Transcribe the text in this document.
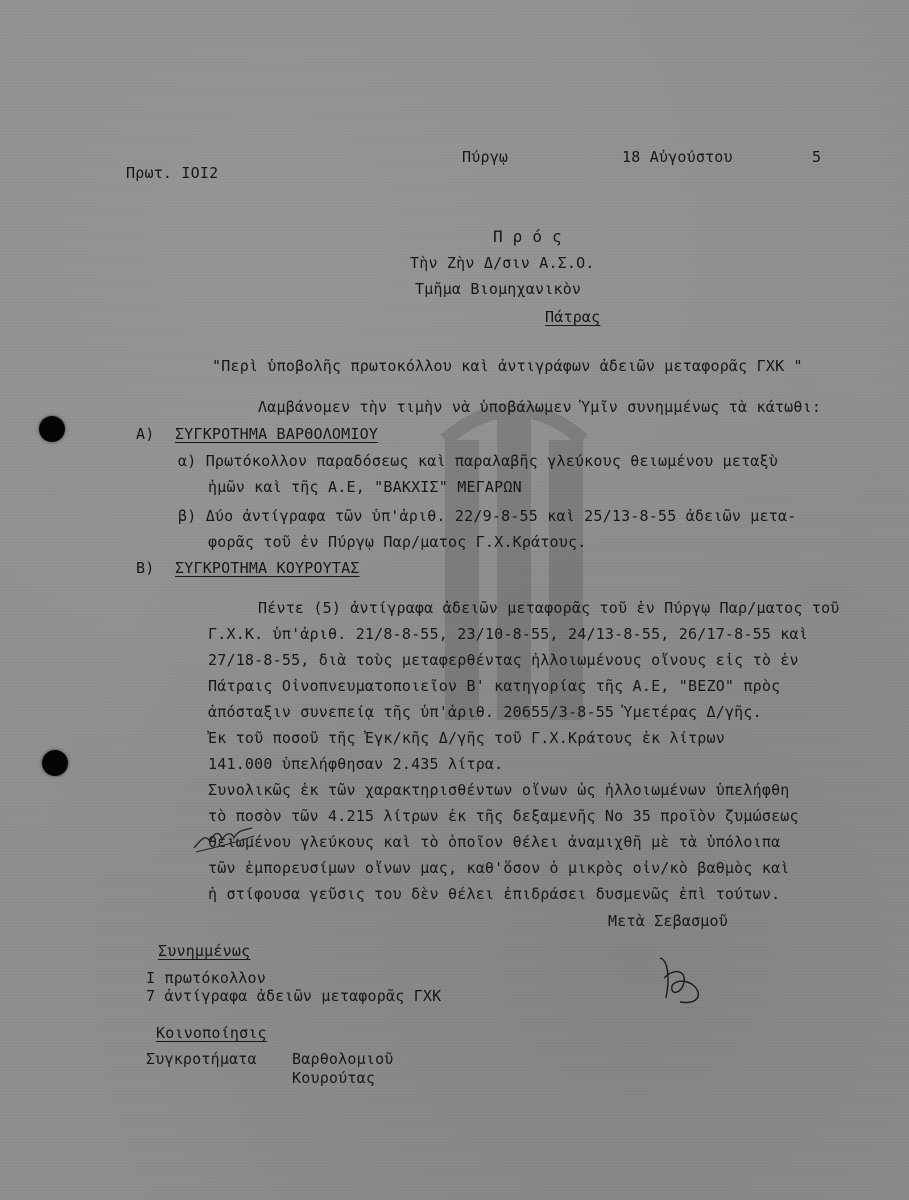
Πρωτ. ΙΟΙ2
Πύργῳ	18 Αὐγούστου	5
Π ρ ό ς
Τὴν Ζὴν Δ/σιν Α.Σ.Ο.
Τμῆμα Βιομηχανικὸν
Πάτρας
"Περὶ ὑποβολῆς πρωτοκόλλου καὶ ἀντιγράφων ἀδειῶν μεταφορᾶς ΓΧΚ "
Λαμβάνομεν τὴν τιμὴν νὰ ὑποβάλωμεν Ὑμῖν συνημμένως τὰ κάτωθι:
Α) ΣΥΓΚΡΟΤΗΜΑ ΒΑΡΘΟΛΟΜΙΟΥ
α) Πρωτόκολλον παραδόσεως καὶ παραλαβῆς γλεύκους θειωμένου μεταξὺ
ἡμῶν καὶ τῆς Α.Ε, "ΒΑΚΧΙΣ" ΜΕΓΑΡΩΝ
β) Δύο ἀντίγραφα τῶν ὑπ'ἀριθ. 22/9-8-55 καὶ 25/13-8-55 ἀδειῶν μετα-
φορᾶς τοῦ ἐν Πύργῳ Παρ/ματος Γ.Χ.Κράτους.
Β) ΣΥΓΚΡΟΤΗΜΑ ΚΟΥΡΟΥΤΑΣ
Πέντε (5) ἀντίγραφα ἀδειῶν μεταφορᾶς τοῦ ἐν Πύργῳ Παρ/ματος τοῦ
Γ.Χ.Κ. ὑπ'ἀριθ. 21/8-8-55, 23/10-8-55, 24/13-8-55, 26/17-8-55 καὶ
27/18-8-55, διὰ τοὺς μεταφερθέντας ἠλλοιωμένους οἴνους εἰς τὸ ἐν
Πάτραις Οἰνοπνευματοποιεῖον Β' κατηγορίας τῆς Α.Ε, "ΒΕΖΟ" πρὸς
ἀπόσταξιν συνεπείᾳ τῆς ὑπ'ἀριθ. 20655/3-8-55 Ὑμετέρας Δ/γῆς.
Ἐκ τοῦ ποσοῦ τῆς Ἐγκ/κῆς Δ/γῆς τοῦ Γ.Χ.Κράτους ἐκ λίτρων
141.000 ὑπελήφθησαν 2.435 λίτρα.
Συνολικῶς ἐκ τῶν χαρακτηρισθέντων οἴνων ὡς ἠλλοιωμένων ὑπελήφθη
τὸ ποσὸν τῶν 4.215 λίτρων ἐκ τῆς δεξαμενῆς Νο 35 προϊὸν ζυμώσεως
θειωμένου γλεύκους καὶ τὸ ὁποῖον θέλει ἀναμιχθῆ μὲ τὰ ὑπόλοιπα
τῶν ἐμπορευσίμων οἴνων μας, καθ'ὅσον ὁ μικρὸς οἰν/κὸ βαθμὸς καὶ
ἡ στίφουσα γεῦσις του δὲν θέλει ἐπιδράσει δυσμενῶς ἐπὶ τούτων.
Μετὰ Σεβασμοῦ
Συνημμένως
Ι πρωτόκολλον
7 ἀντίγραφα ἀδειῶν μεταφορᾶς ΓΧΚ
Κοινοποίησις
Συγκροτήματα Βαρθολομιοῦ
Κουρούτας
